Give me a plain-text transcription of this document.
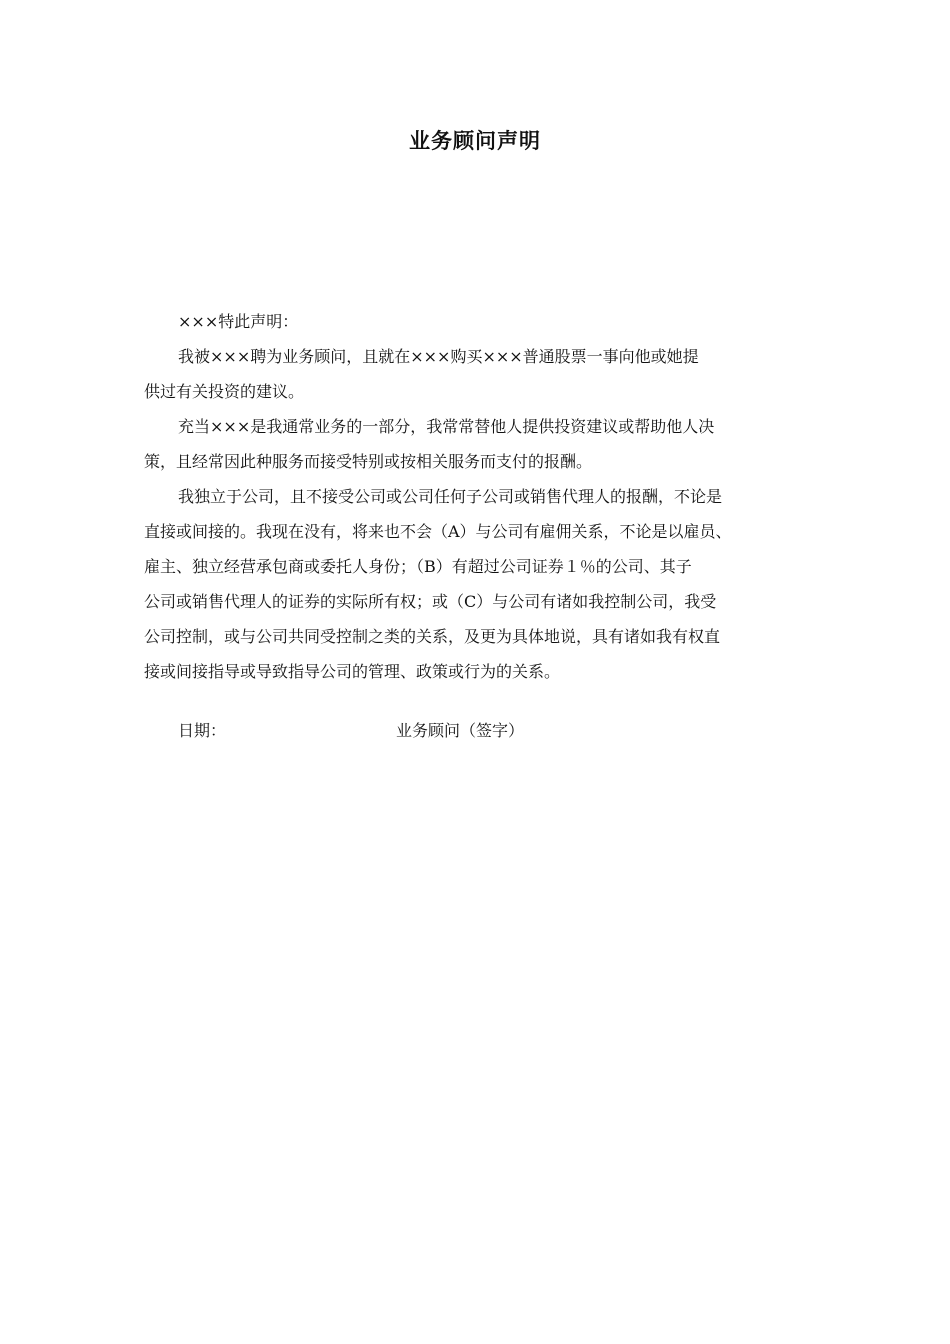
业务顾问声明
×××特此声明：
我被×××聘为业务顾问，且就在×××购买×××普通股票一事向他或她提
供过有关投资的建议。
充当×××是我通常业务的一部分，我常常替他人提供投资建议或帮助他人决
策，且经常因此种服务而接受特别或按相关服务而支付的报酬。
我独立于公司，且不接受公司或公司任何子公司或销售代理人的报酬，不论是
直接或间接的。我现在没有，将来也不会（A）与公司有雇佣关系，不论是以雇员、
雇主、独立经营承包商或委托人身份；（B）有超过公司证券１％的公司、其子
公司或销售代理人的证券的实际所有权；或（C）与公司有诸如我控制公司，我受
公司控制，或与公司共同受控制之类的关系，及更为具体地说，具有诸如我有权直
接或间接指导或导致指导公司的管理、政策或行为的关系。
日期：	业务顾问（签字）
